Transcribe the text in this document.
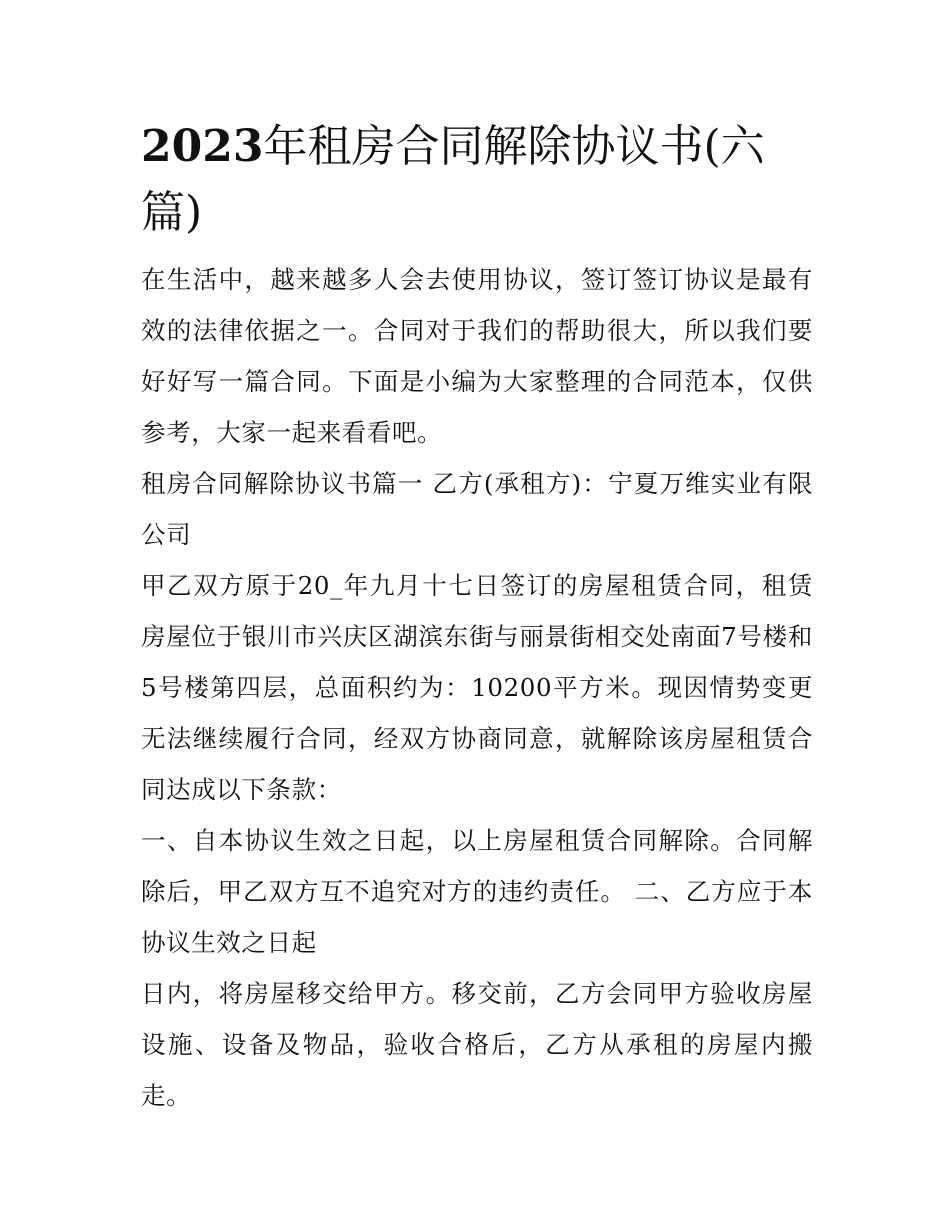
2023年租房合同解除协议书(六篇)

在生活中，越来越多人会去使用协议，签订签订协议是最有效的法律依据之一。合同对于我们的帮助很大，所以我们要好好写一篇合同。下面是小编为大家整理的合同范本，仅供参考，大家一起来看看吧。

租房合同解除协议书篇一 乙方(承租方)：宁夏万维实业有限公司

甲乙双方原于20_年九月十七日签订的房屋租赁合同，租赁房屋位于银川市兴庆区湖滨东街与丽景街相交处南面7号楼和5号楼第四层，总面积约为：10200平方米。现因情势变更无法继续履行合同，经双方协商同意，就解除该房屋租赁合同达成以下条款：

一、自本协议生效之日起，以上房屋租赁合同解除。合同解除后，甲乙双方互不追究对方的违约责任。 二、乙方应于本协议生效之日起

日内，将房屋移交给甲方。移交前，乙方会同甲方验收房屋设施、设备及物品，验收合格后，乙方从承租的房屋内搬走。
